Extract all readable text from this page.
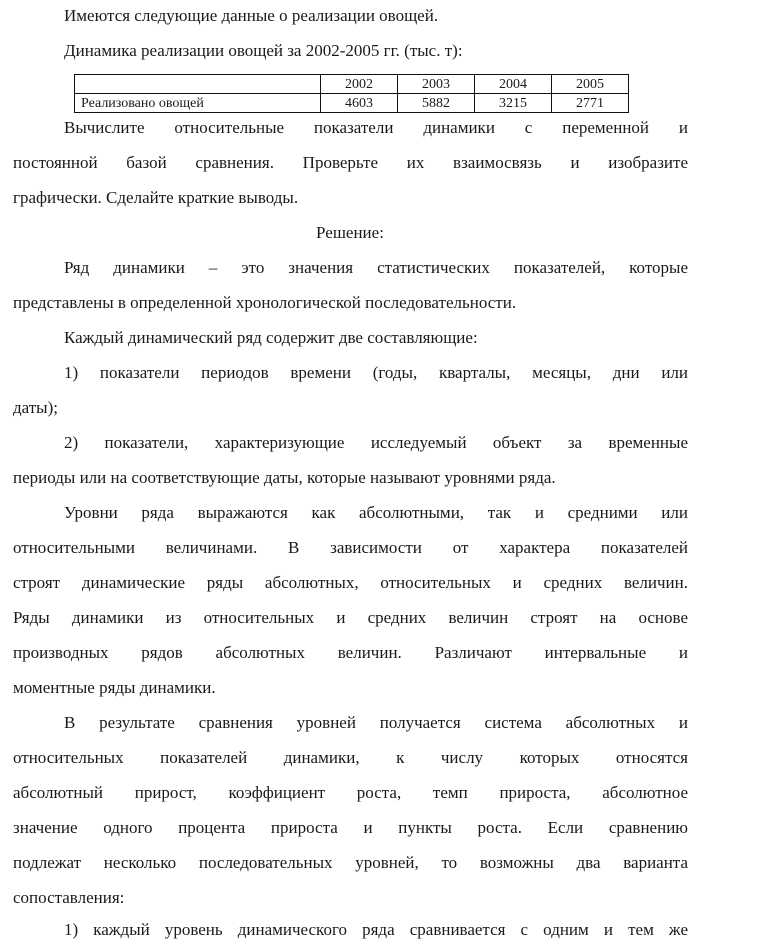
Имеются следующие данные о реализации овощей.
Динамика реализации овощей за 2002-2005 гг. (тыс. т):
	2002	2003	2004	2005
Реализовано овощей	4603	5882	3215	2771
Вычислите относительные показатели динамики с переменной и
постоянной базой сравнения. Проверьте их взаимосвязь и изобразите
графически. Сделайте краткие выводы.
Решение:
Ряд динамики – это значения статистических показателей, которые
представлены в определенной хронологической последовательности.
Каждый динамический ряд содержит две составляющие:
1) показатели периодов времени (годы, кварталы, месяцы, дни или
даты);
2) показатели, характеризующие исследуемый объект за временные
периоды или на соответствующие даты, которые называют уровнями ряда.
Уровни ряда выражаются как абсолютными, так и средними или
относительными величинами. В зависимости от характера показателей
строят динамические ряды абсолютных, относительных и средних величин.
Ряды динамики из относительных и средних величин строят на основе
производных рядов абсолютных величин. Различают интервальные и
моментные ряды динамики.
В результате сравнения уровней получается система абсолютных и
относительных показателей динамики, к числу которых относятся
абсолютный прирост, коэффициент роста, темп прироста, абсолютное
значение одного процента прироста и пункты роста. Если сравнению
подлежат несколько последовательных уровней, то возможны два варианта
сопоставления:
1) каждый уровень динамического ряда сравнивается с одним и тем же
